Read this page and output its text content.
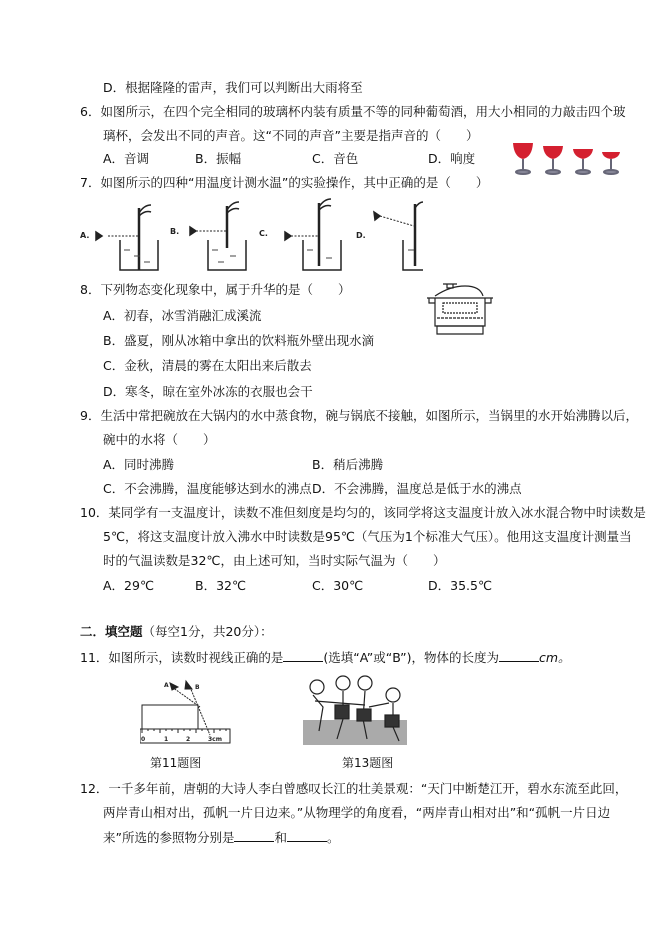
D．根据隆隆的雷声，我们可以判断出大雨将至
6．如图所示，在四个完全相同的玻璃杯内装有质量不等的同种葡萄酒，用大小相同的力敲击四个玻
璃杯，会发出不同的声音。这“不同的声音”主要是指声音的（　　）
A．音调	B．振幅	C．音色	D．响度
7．如图所示的四种“用温度计测水温”的实验操作，其中正确的是（　　）
A.	B.	C.	D.
8．下列物态变化现象中，属于升华的是（　　）
A．初春，冰雪消融汇成溪流
B．盛夏，刚从冰箱中拿出的饮料瓶外壁出现水滴
C．金秋，清晨的雾在太阳出来后散去
D．寒冬，晾在室外冰冻的衣服也会干
9．生活中常把碗放在大锅内的水中蒸食物，碗与锅底不接触，如图所示，当锅里的水开始沸腾以后，
碗中的水将（　　）
A．同时沸腾	B．稍后沸腾
C．不会沸腾，温度能够达到水的沸点 D．不会沸腾，温度总是低于水的沸点
10．某同学有一支温度计，读数不准但刻度是均匀的，该同学将这支温度计放入冰水混合物中时读数是
5℃，将这支温度计放入沸水中时读数是95℃（气压为1个标准大气压）。他用这支温度计测量当
时的气温读数是32℃，由上述可知，当时实际气温为（　　）
A．29℃	B．32℃	C．30℃	D．35.5℃
二．填空题（每空1分，共20分）：
11．如图所示，读数时视线正确的是	(选填“A”或“B”)，物体的长度为	cm。
A	B
0	1	2	3cm
第11题图	第13题图
12．一千多年前，唐朝的大诗人李白曾感叹长江的壮美景观：“天门中断楚江开，碧水东流至此回，
两岸青山相对出，孤帆一片日边来。”从物理学的角度看，“两岸青山相对出”和“孤帆一片日边
来”所选的参照物分别是	和	。
